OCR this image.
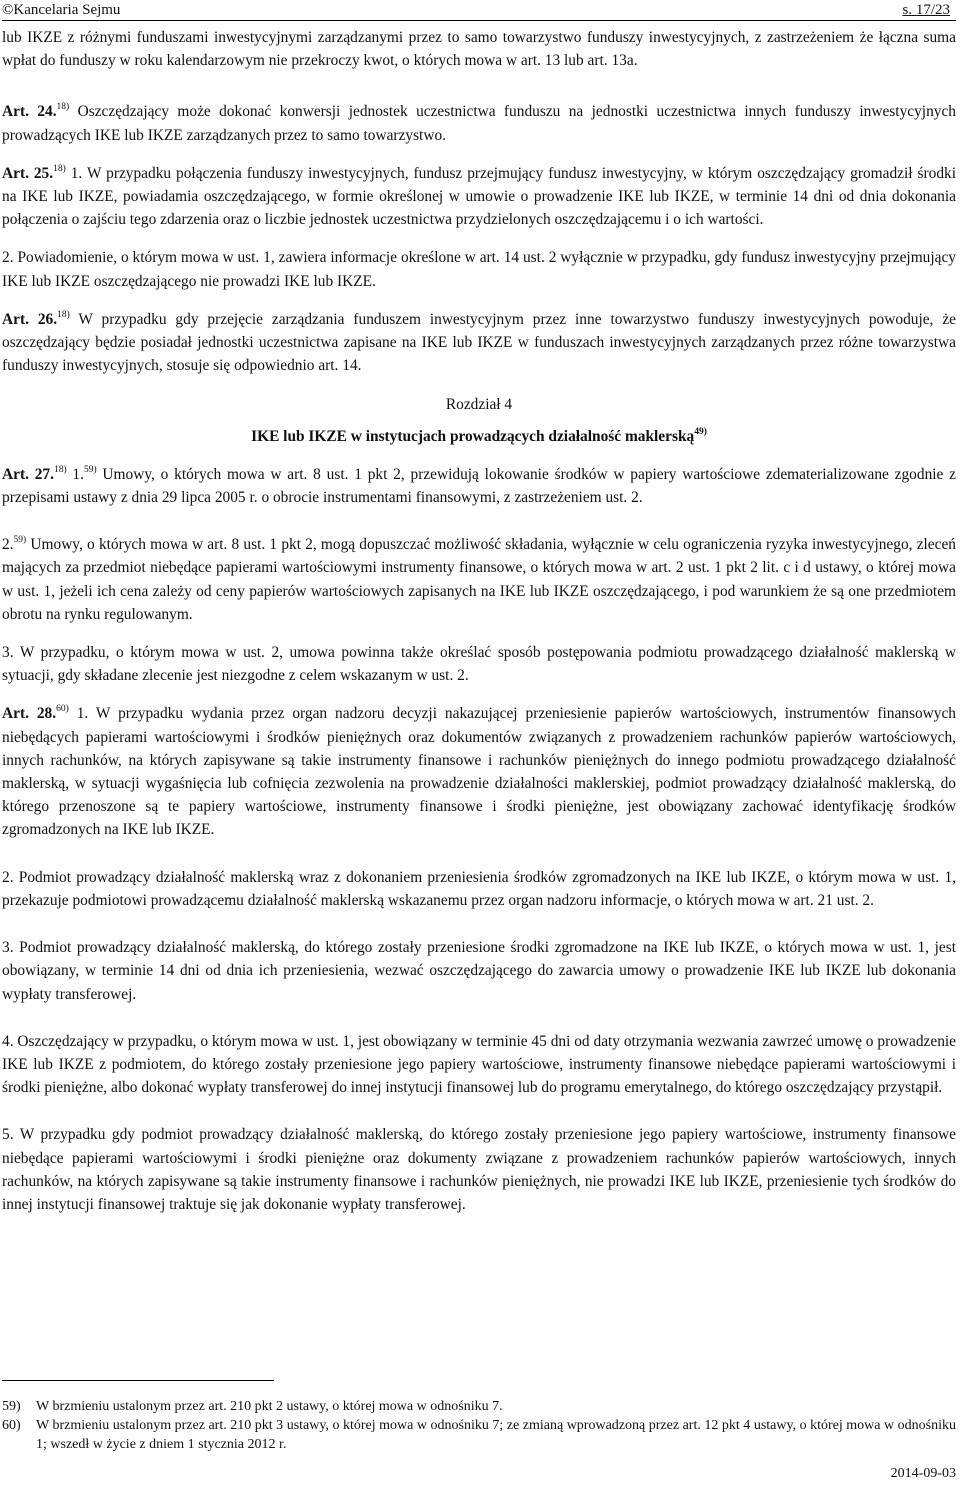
©Kancelaria Sejmu	s. 17/23

lub IKZE z różnymi funduszami inwestycyjnymi zarządzanymi przez to samo towarzystwo funduszy inwestycyjnych, z zastrzeżeniem że łączna suma wpłat do funduszy w roku kalendarzowym nie przekroczy kwot, o których mowa w art. 13 lub art. 13a.

Art. 24.$^{18)}$ Oszczędzający może dokonać konwersji jednostek uczestnictwa funduszu na jednostki uczestnictwa innych funduszy inwestycyjnych prowadzących IKE lub IKZE zarządzanych przez to samo towarzystwo.

Art. 25.$^{18)}$ 1. W przypadku połączenia funduszy inwestycyjnych, fundusz przejmujący fundusz inwestycyjny, w którym oszczędzający gromadził środki na IKE lub IKZE, powiadamia oszczędzającego, w formie określonej w umowie o prowadzenie IKE lub IKZE, w terminie 14 dni od dnia dokonania połączenia o zajściu tego zdarzenia oraz o liczbie jednostek uczestnictwa przydzielonych oszczędzającemu i o ich wartości.

2. Powiadomienie, o którym mowa w ust. 1, zawiera informacje określone w art. 14 ust. 2 wyłącznie w przypadku, gdy fundusz inwestycyjny przejmujący IKE lub IKZE oszczędzającego nie prowadzi IKE lub IKZE.

Art. 26.$^{18)}$ W przypadku gdy przejęcie zarządzania funduszem inwestycyjnym przez inne towarzystwo funduszy inwestycyjnych powoduje, że oszczędzający będzie posiadał jednostki uczestnictwa zapisane na IKE lub IKZE w funduszach inwestycyjnych zarządzanych przez różne towarzystwa funduszy inwestycyjnych, stosuje się odpowiednio art. 14.

Rozdział 4

IKE lub IKZE w instytucjach prowadzących działalność maklerską$^{49)}$

Art. 27.$^{18)}$ 1.$^{59)}$ Umowy, o których mowa w art. 8 ust. 1 pkt 2, przewidują lokowanie środków w papiery wartościowe zdematerializowane zgodnie z przepisami ustawy z dnia 29 lipca 2005 r. o obrocie instrumentami finansowymi, z zastrzeżeniem ust. 2.

2.$^{59)}$ Umowy, o których mowa w art. 8 ust. 1 pkt 2, mogą dopuszczać możliwość składania, wyłącznie w celu ograniczenia ryzyka inwestycyjnego, zleceń mających za przedmiot niebędące papierami wartościowymi instrumenty finansowe, o których mowa w art. 2 ust. 1 pkt 2 lit. c i d ustawy, o której mowa w ust. 1, jeżeli ich cena zależy od ceny papierów wartościowych zapisanych na IKE lub IKZE oszczędzającego, i pod warunkiem że są one przedmiotem obrotu na rynku regulowanym.

3. W przypadku, o którym mowa w ust. 2, umowa powinna także określać sposób postępowania podmiotu prowadzącego działalność maklerską w sytuacji, gdy składane zlecenie jest niezgodne z celem wskazanym w ust. 2.

Art. 28.$^{60)}$ 1. W przypadku wydania przez organ nadzoru decyzji nakazującej przeniesienie papierów wartościowych, instrumentów finansowych niebędących papierami wartościowymi i środków pieniężnych oraz dokumentów związanych z prowadzeniem rachunków papierów wartościowych, innych rachunków, na których zapisywane są takie instrumenty finansowe i rachunków pieniężnych do innego podmiotu prowadzącego działalność maklerską, w sytuacji wygaśnięcia lub cofnięcia zezwolenia na prowadzenie działalności maklerskiej, podmiot prowadzący działalność maklerską, do którego przenoszone są te papiery wartościowe, instrumenty finansowe i środki pieniężne, jest obowiązany zachować identyfikację środków zgromadzonych na IKE lub IKZE.

2. Podmiot prowadzący działalność maklerską wraz z dokonaniem przeniesienia środków zgromadzonych na IKE lub IKZE, o którym mowa w ust. 1, przekazuje podmiotowi prowadzącemu działalność maklerską wskazanemu przez organ nadzoru informacje, o których mowa w art. 21 ust. 2.

3. Podmiot prowadzący działalność maklerską, do którego zostały przeniesione środki zgromadzone na IKE lub IKZE, o których mowa w ust. 1, jest obowiązany, w terminie 14 dni od dnia ich przeniesienia, wezwać oszczędzającego do zawarcia umowy o prowadzenie IKE lub IKZE lub dokonania wypłaty transferowej.

4. Oszczędzający w przypadku, o którym mowa w ust. 1, jest obowiązany w terminie 45 dni od daty otrzymania wezwania zawrzeć umowę o prowadzenie IKE lub IKZE z podmiotem, do którego zostały przeniesione jego papiery wartościowe, instrumenty finansowe niebędące papierami wartościowymi i środki pieniężne, albo dokonać wypłaty transferowej do innej instytucji finansowej lub do programu emerytalnego, do którego oszczędzający przystąpił.

5. W przypadku gdy podmiot prowadzący działalność maklerską, do którego zostały przeniesione jego papiery wartościowe, instrumenty finansowe niebędące papierami wartościowymi i środki pieniężne oraz dokumenty związane z prowadzeniem rachunków papierów wartościowych, innych rachunków, na których zapisywane są takie instrumenty finansowe i rachunków pieniężnych, nie prowadzi IKE lub IKZE, przeniesienie tych środków do innej instytucji finansowej traktuje się jak dokonanie wypłaty transferowej.

59)	W brzmieniu ustalonym przez art. 210 pkt 2 ustawy, o której mowa w odnośniku 7.

60)	W brzmieniu ustalonym przez art. 210 pkt 3 ustawy, o której mowa w odnośniku 7; ze zmianą wprowadzoną przez art. 12 pkt 4 ustawy, o której mowa w odnośniku 1; wszedł w życie z dniem 1 stycznia 2012 r.

2014-09-03
